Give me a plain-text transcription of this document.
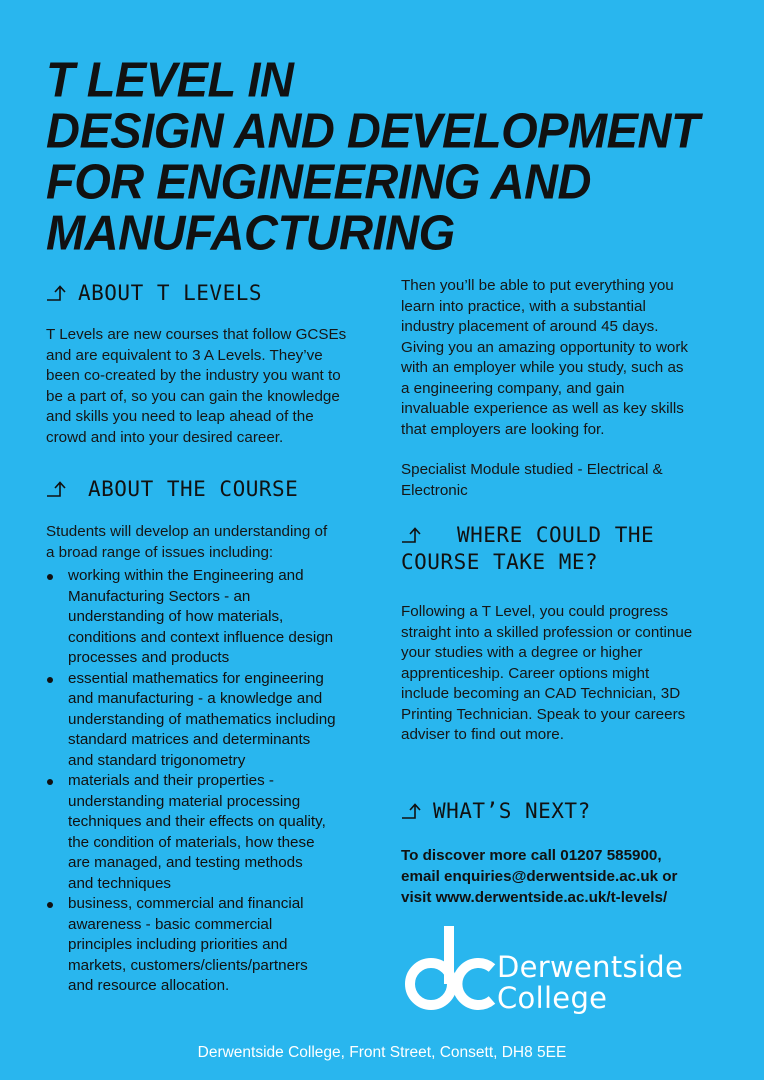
T LEVEL IN
DESIGN AND DEVELOPMENT
FOR ENGINEERING AND
MANUFACTURING
ABOUT T LEVELS
T Levels are new courses that follow GCSEs
and are equivalent to 3 A Levels. They’ve
been co-created by the industry you want to
be a part of, so you can gain the knowledge
and skills you need to leap ahead of the
crowd and into your desired career.
ABOUT THE COURSE
Students will develop an understanding of
a broad range of issues including:
working within the Engineering and
Manufacturing Sectors - an
understanding of how materials,
conditions and context influence design
processes and products
essential mathematics for engineering
and manufacturing - a knowledge and
understanding of mathematics including
standard matrices and determinants
and standard trigonometry
materials and their properties -
understanding material processing
techniques and their effects on quality,
the condition of materials, how these
are managed, and testing methods
and techniques
business, commercial and financial
awareness - basic commercial
principles including priorities and
markets, customers/clients/partners
and resource allocation.
Then you’ll be able to put everything you
learn into practice, with a substantial
industry placement of around 45 days.
Giving you an amazing opportunity to work
with an employer while you study, such as
a engineering company, and gain
invaluable experience as well as key skills
that employers are looking for.
Specialist Module studied - Electrical &
Electronic
WHERE COULD THE
COURSE TAKE ME?
Following a T Level, you could progress
straight into a skilled profession or continue
your studies with a degree or higher
apprenticeship. Career options might
include becoming an CAD Technician, 3D
Printing Technician. Speak to your careers
adviser to find out more.
WHAT’S NEXT?
To discover more call 01207 585900,
email enquiries@derwentside.ac.uk or
visit www.derwentside.ac.uk/t-levels/
Derwentside
College
Derwentside College, Front Street, Consett, DH8 5EE
